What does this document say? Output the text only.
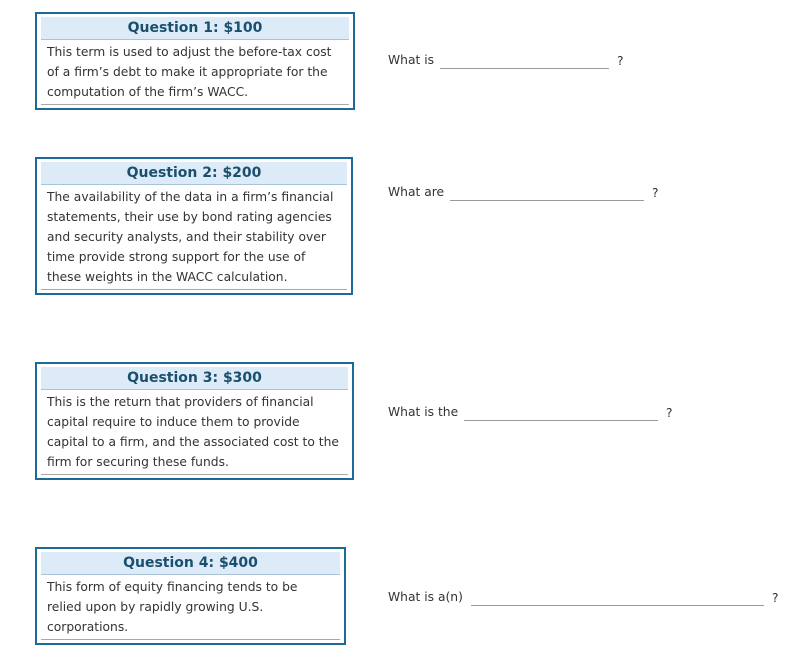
Question 1: $100
This term is used to adjust the before-tax cost of a firm’s debt to make it appropriate for the computation of the firm’s WACC.
What is	?
Question 2: $200
The availability of the data in a firm’s financial statements, their use by bond rating agencies and security analysts, and their stability over time provide strong support for the use of these weights in the WACC calculation.
What are	?
Question 3: $300
This is the return that providers of financial capital require to induce them to provide capital to a firm, and the associated cost to the firm for securing these funds.
What is the	?
Question 4: $400
This form of equity financing tends to be relied upon by rapidly growing U.S. corporations.
What is a(n)	?
